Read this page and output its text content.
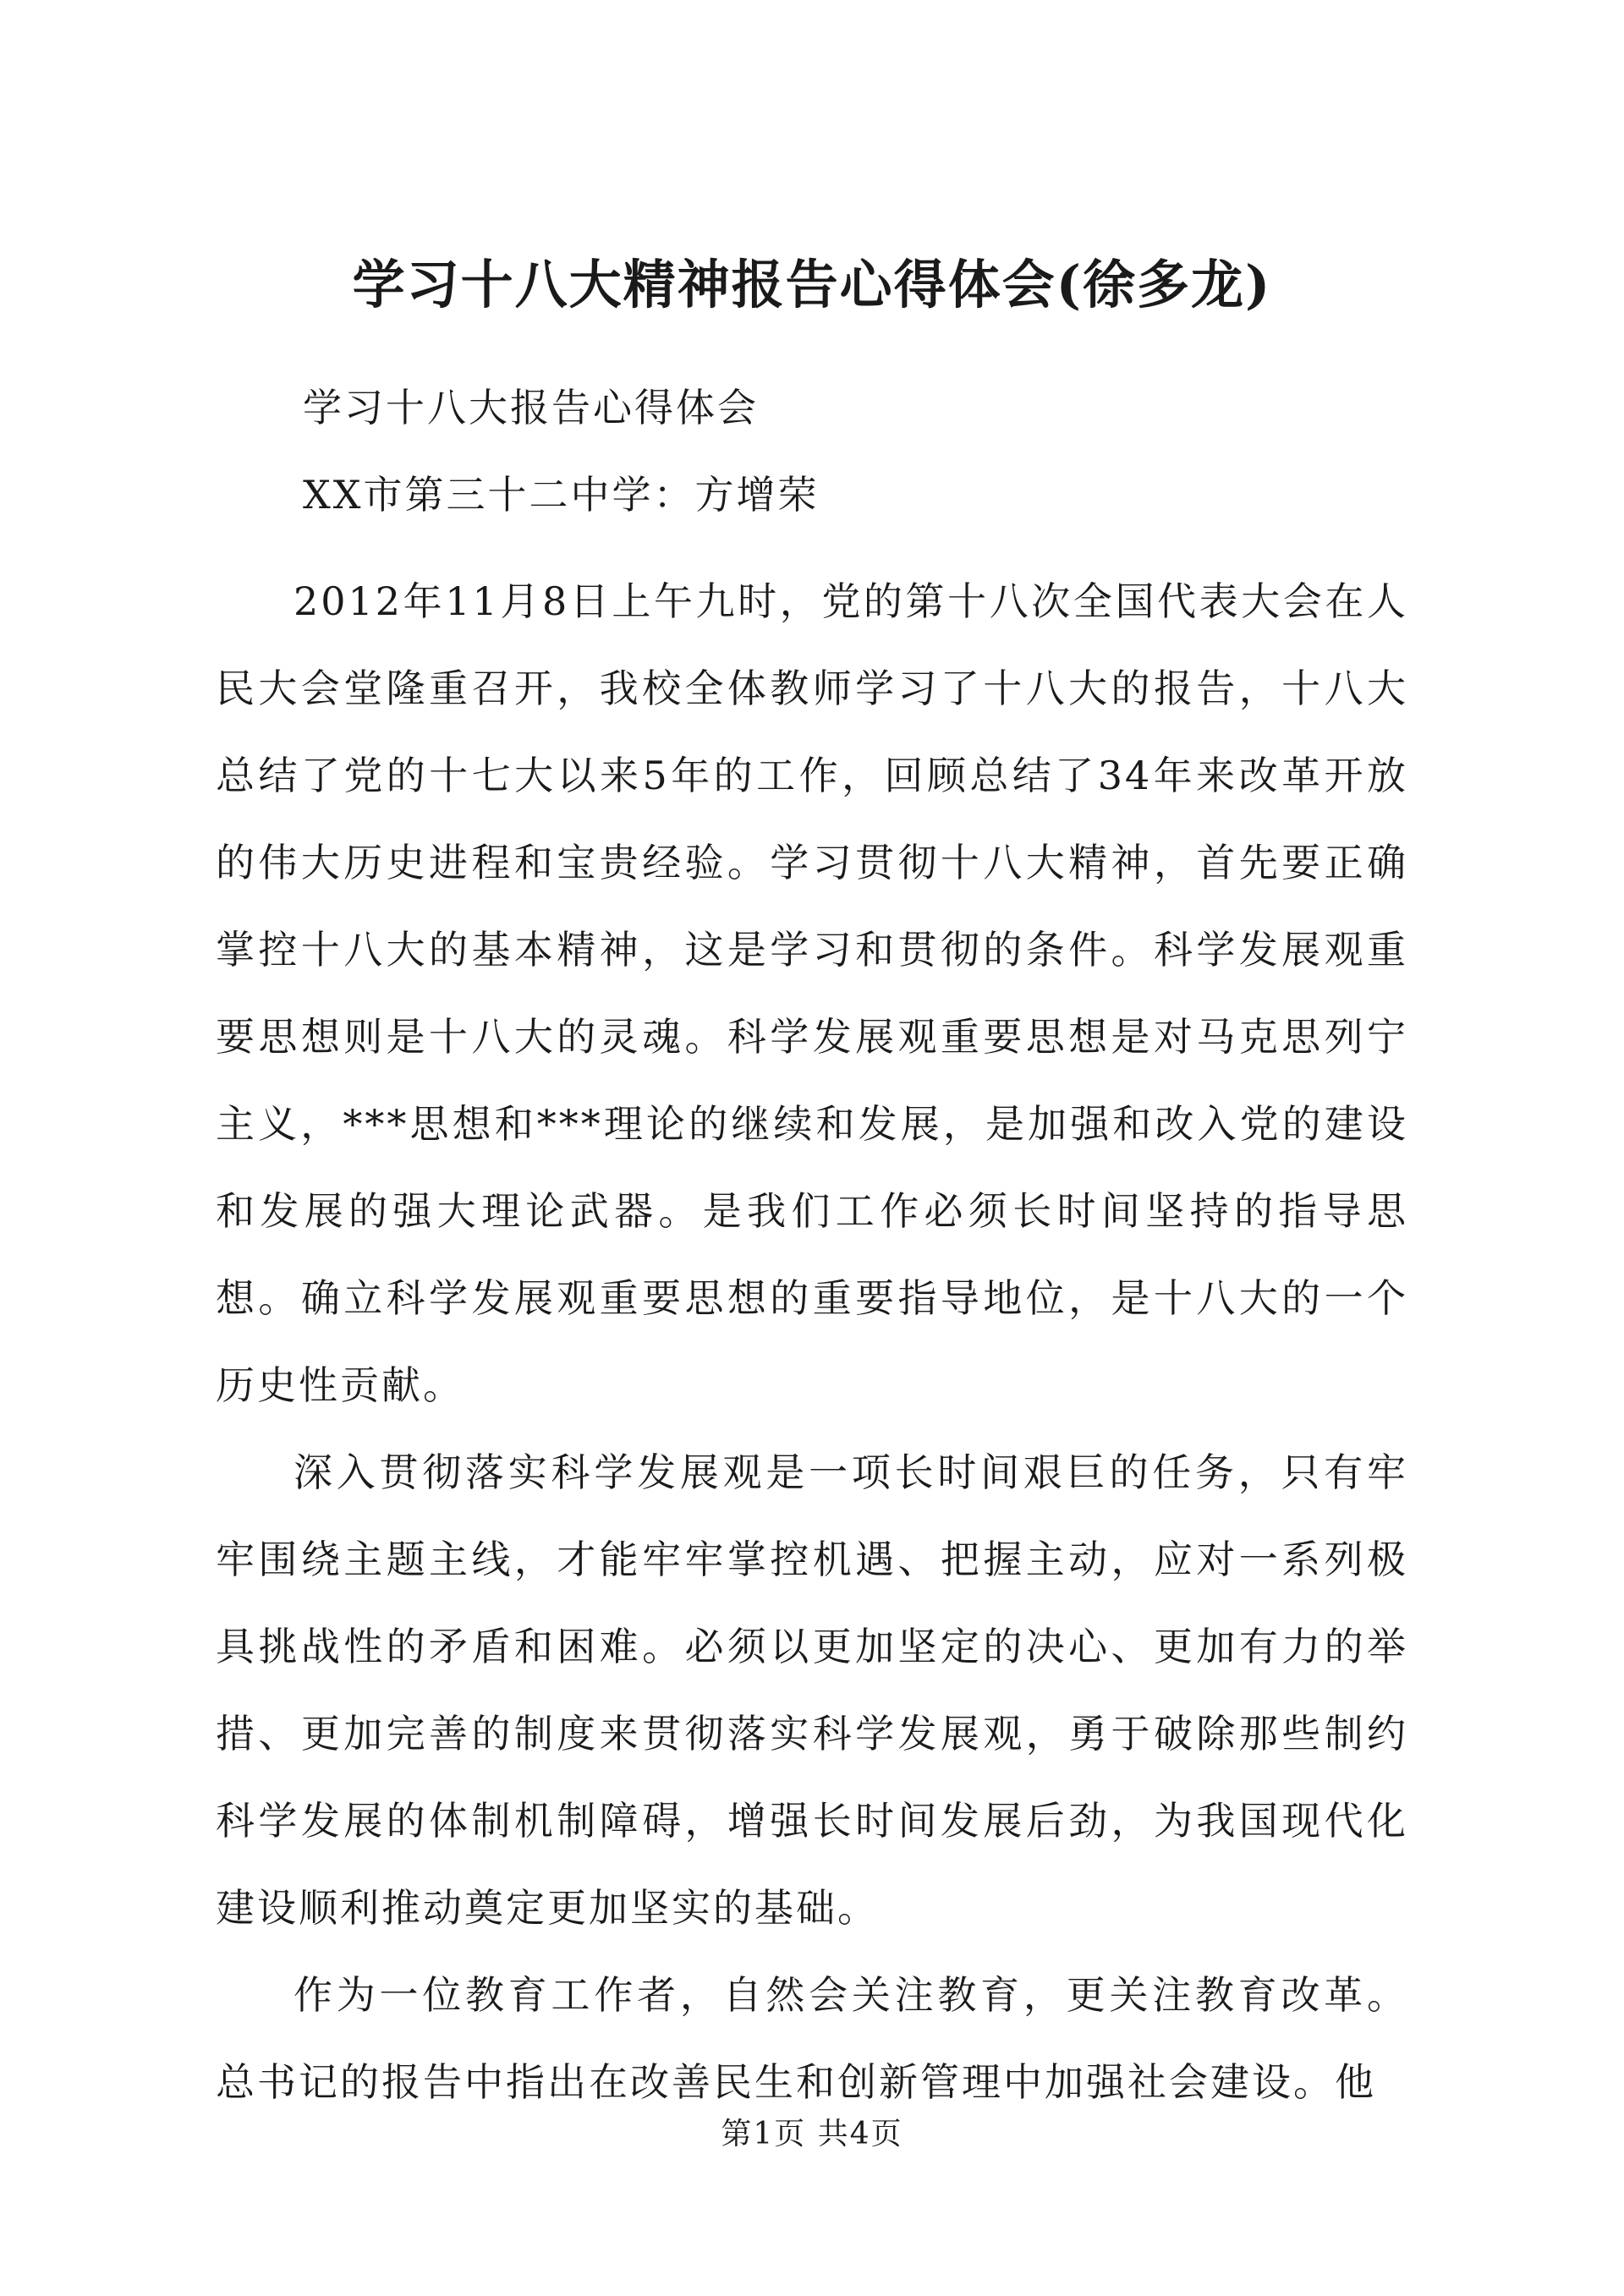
学习十八大精神报告心得体会(徐多龙)
学习十八大报告心得体会
XX市第三十二中学：方增荣

2012年11月8日上午九时，党的第十八次全国代表大会在人民大会堂隆重召开，我校全体教师学习了十八大的报告，十八大总结了党的十七大以来5年的工作，回顾总结了34年来改革开放的伟大历史进程和宝贵经验。学习贯彻十八大精神，首先要正确掌控十八大的基本精神，这是学习和贯彻的条件。科学发展观重要思想则是十八大的灵魂。科学发展观重要思想是对马克思列宁主义，***思想和***理论的继续和发展，是加强和改入党的建设和发展的强大理论武器。是我们工作必须长时间坚持的指导思想。确立科学发展观重要思想的重要指导地位，是十八大的一个历史性贡献。

深入贯彻落实科学发展观是一项长时间艰巨的任务，只有牢牢围绕主题主线，才能牢牢掌控机遇、把握主动，应对一系列极具挑战性的矛盾和困难。必须以更加坚定的决心、更加有力的举措、更加完善的制度来贯彻落实科学发展观，勇于破除那些制约科学发展的体制机制障碍，增强长时间发展后劲，为我国现代化建设顺利推动奠定更加坚实的基础。

作为一位教育工作者，自然会关注教育，更关注教育改革。总书记的报告中指出在改善民生和创新管理中加强社会建设。他

第1页 共4页
